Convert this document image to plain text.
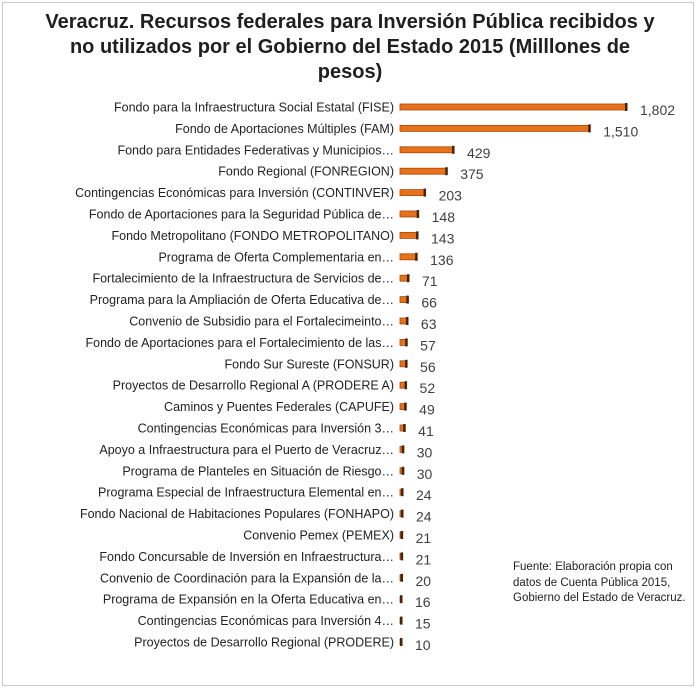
Veracruz. Recursos federales para Inversión Pública recibidos y no utilizados por el Gobierno del Estado 2015 (Milllones de pesos)
Fondo para la Infraestructura Social Estatal (FISE)
Fondo de Aportaciones Múltiples (FAM)
Fondo para Entidades Federativas y Municipios…
Fondo Regional (FONREGION)
Contingencias Económicas para Inversión (CONTINVER)
Fondo de Aportaciones para la Seguridad Pública de…
Fondo Metropolitano (FONDO METROPOLITANO)
Programa de Oferta Complementaria en…
Fortalecimiento de la Infraestructura de Servicios de…
Programa para la Ampliación de Oferta Educativa de…
Convenio de Subsidio para el Fortalecimeinto…
Fondo de Aportaciones para el Fortalecimiento de las…
Fondo Sur Sureste (FONSUR)
Proyectos de Desarrollo Regional A (PRODERE A)
Caminos y Puentes Federales (CAPUFE)
Contingencias Económicas para Inversión 3…
Apoyo a Infraestructura para el Puerto de Veracruz…
Programa de Planteles en Situación de Riesgo…
Programa Especial de Infraestructura Elemental en…
Fondo Nacional de Habitaciones Populares (FONHAPO)
Convenio Pemex (PEMEX)
Fondo Concursable de Inversión en Infraestructura…
Convenio de Coordinación para la Expansión de la…
Programa de Expansión en la Oferta Educativa en…
Contingencias Económicas para Inversión 4…
Proyectos de Desarrollo Regional (PRODERE)
1,802
1,510
429
375
203
148
143
136
71
66
63
57
56
52
49
41
30
30
24
24
21
21
20
16
15
10
Fuente: Elaboración propia con datos de Cuenta Pública 2015, Gobierno del Estado de Veracruz.
